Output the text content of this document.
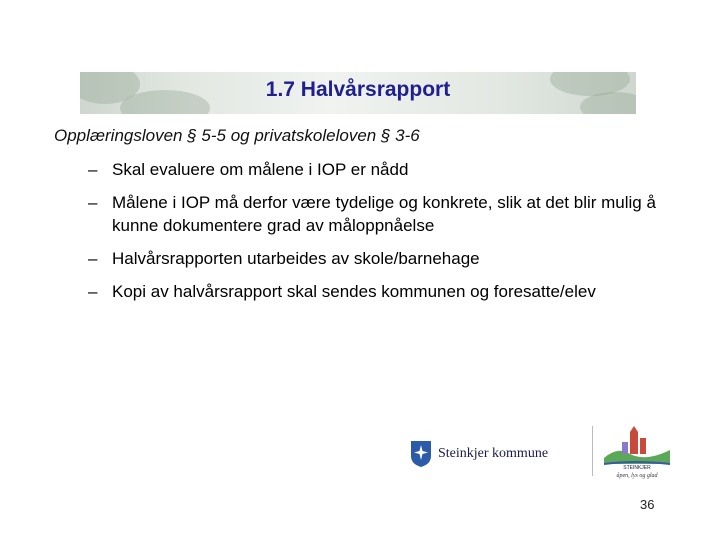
1.7 Halvårsrapport
Opplæringsloven § 5-5 og privatskoleloven § 3-6
– Skal evaluere om målene i IOP er nådd
– Målene i IOP må derfor være tydelige og konkrete, slik at det blir mulig å kunne dokumentere grad av måloppnåelse
– Halvårsrapporten utarbeides av skole/barnehage
– Kopi av halvårsrapport skal sendes kommunen og foresatte/elev
Steinkjer kommune
STEINKJER
åpen, lys og glad
36
